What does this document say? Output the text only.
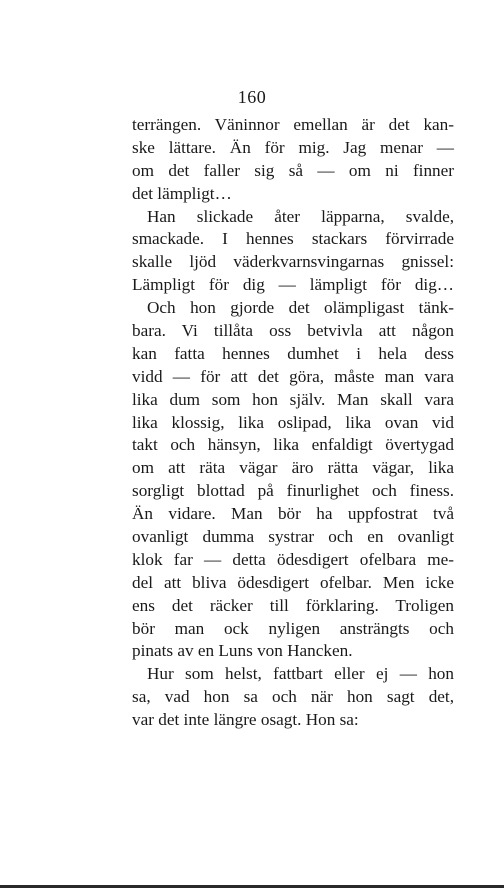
160
terrängen. Väninnor emellan är det kan-
ske lättare. Än för mig. Jag menar —
om det faller sig så — om ni finner
det lämpligt…
Han slickade åter läpparna, svalde,
smackade. I hennes stackars förvirrade
skalle ljöd väderkvarnsvingarnas gnissel:
Lämpligt för dig — lämpligt för dig…
Och hon gjorde det olämpligast tänk-
bara. Vi tillåta oss betvivla att någon
kan fatta hennes dumhet i hela dess
vidd — för att det göra, måste man vara
lika dum som hon själv. Man skall vara
lika klossig, lika oslipad, lika ovan vid
takt och hänsyn, lika enfaldigt övertygad
om att räta vägar äro rätta vägar, lika
sorgligt blottad på finurlighet och finess.
Än vidare. Man bör ha uppfostrat två
ovanligt dumma systrar och en ovanligt
klok far — detta ödesdigert ofelbara me-
del att bliva ödesdigert ofelbar. Men icke
ens det räcker till förklaring. Troligen
bör man ock nyligen ansträngts och
pinats av en Luns von Hancken.
Hur som helst, fattbart eller ej — hon
sa, vad hon sa och när hon sagt det,
var det inte längre osagt. Hon sa:
